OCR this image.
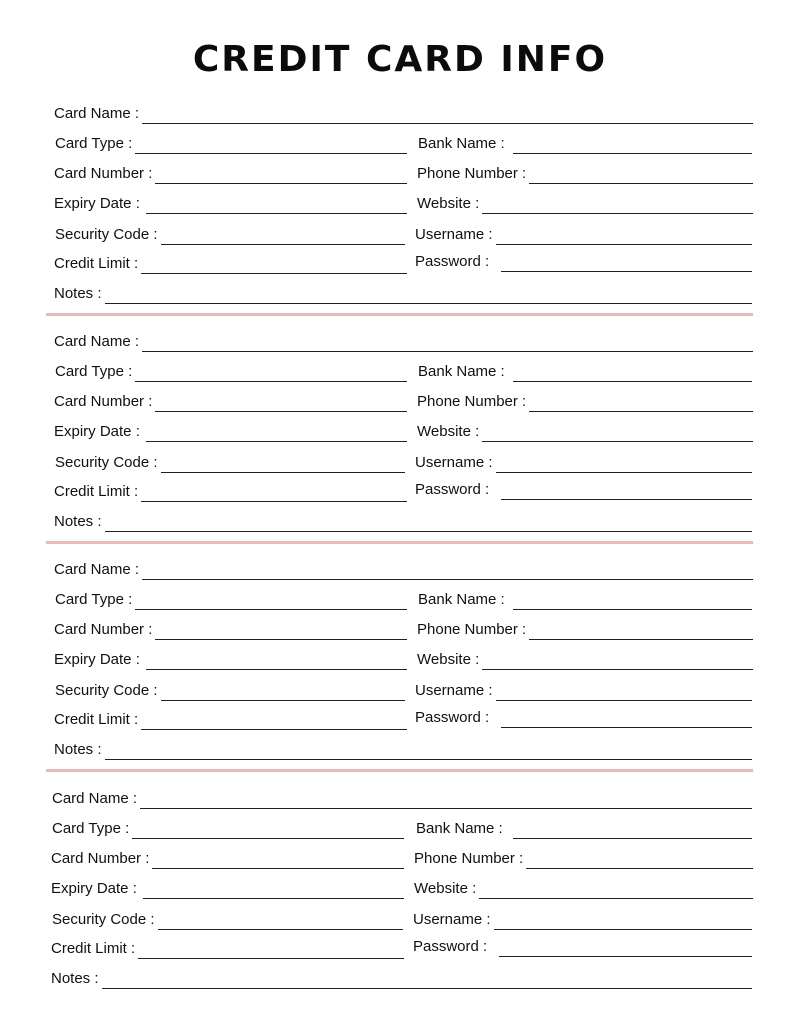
CREDIT CARD INFO
Card Name :
Card Type :	Bank Name :
Card Number :	Phone Number :
Expiry Date :	Website :
Security Code :	Username :
Credit Limit :	Password :
Notes :
Card Name :
Card Type :	Bank Name :
Card Number :	Phone Number :
Expiry Date :	Website :
Security Code :	Username :
Credit Limit :	Password :
Notes :
Card Name :
Card Type :	Bank Name :
Card Number :	Phone Number :
Expiry Date :	Website :
Security Code :	Username :
Credit Limit :	Password :
Notes :
Card Name :
Card Type :	Bank Name :
Card Number :	Phone Number :
Expiry Date :	Website :
Security Code :	Username :
Credit Limit :	Password :
Notes :
